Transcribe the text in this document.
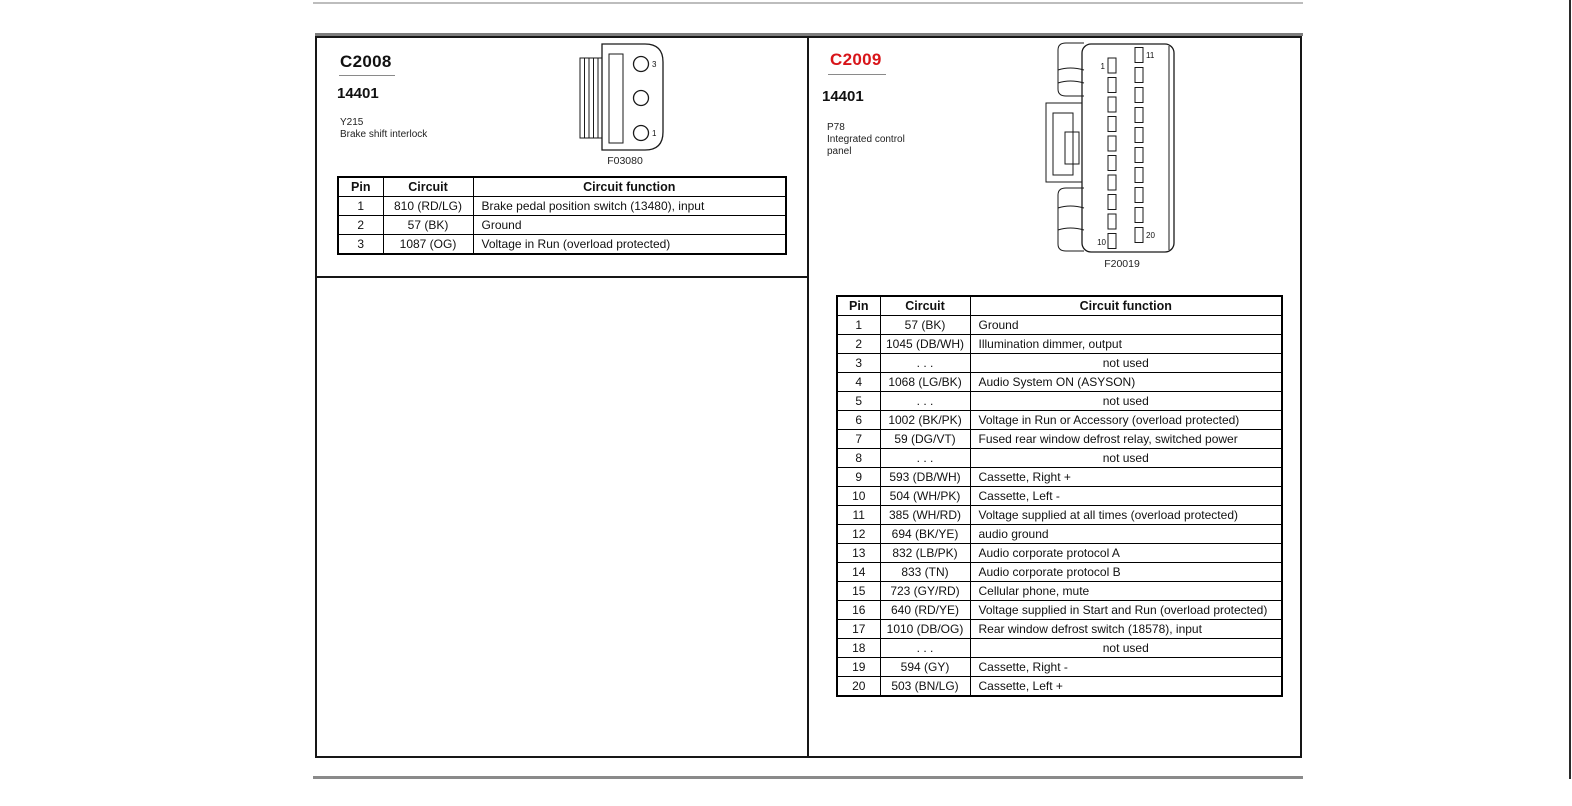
C2008
14401
Y215
Brake shift interlock
3
1
F03080
Pin	Circuit	Circuit function
1	810 (RD/LG)	Brake pedal position switch (13480), input
2	57 (BK)	Ground
3	1087 (OG)	Voltage in Run (overload protected)
C2009
14401
P78
Integrated control
panel
1
10
11
20
F20019
Pin	Circuit	Circuit function
1	57 (BK)	Ground
2	1045 (DB/WH)	Illumination dimmer, output
3	. . .	not used
4	1068 (LG/BK)	Audio System ON (ASYSON)
5	. . .	not used
6	1002 (BK/PK)	Voltage in Run or Accessory (overload protected)
7	59 (DG/VT)	Fused rear window defrost relay, switched power
8	. . .	not used
9	593 (DB/WH)	Cassette, Right +
10	504 (WH/PK)	Cassette, Left -
11	385 (WH/RD)	Voltage supplied at all times (overload protected)
12	694 (BK/YE)	audio ground
13	832 (LB/PK)	Audio corporate protocol A
14	833 (TN)	Audio corporate protocol B
15	723 (GY/RD)	Cellular phone, mute
16	640 (RD/YE)	Voltage supplied in Start and Run (overload protected)
17	1010 (DB/OG)	Rear window defrost switch (18578), input
18	. . .	not used
19	594 (GY)	Cassette, Right -
20	503 (BN/LG)	Cassette, Left +
